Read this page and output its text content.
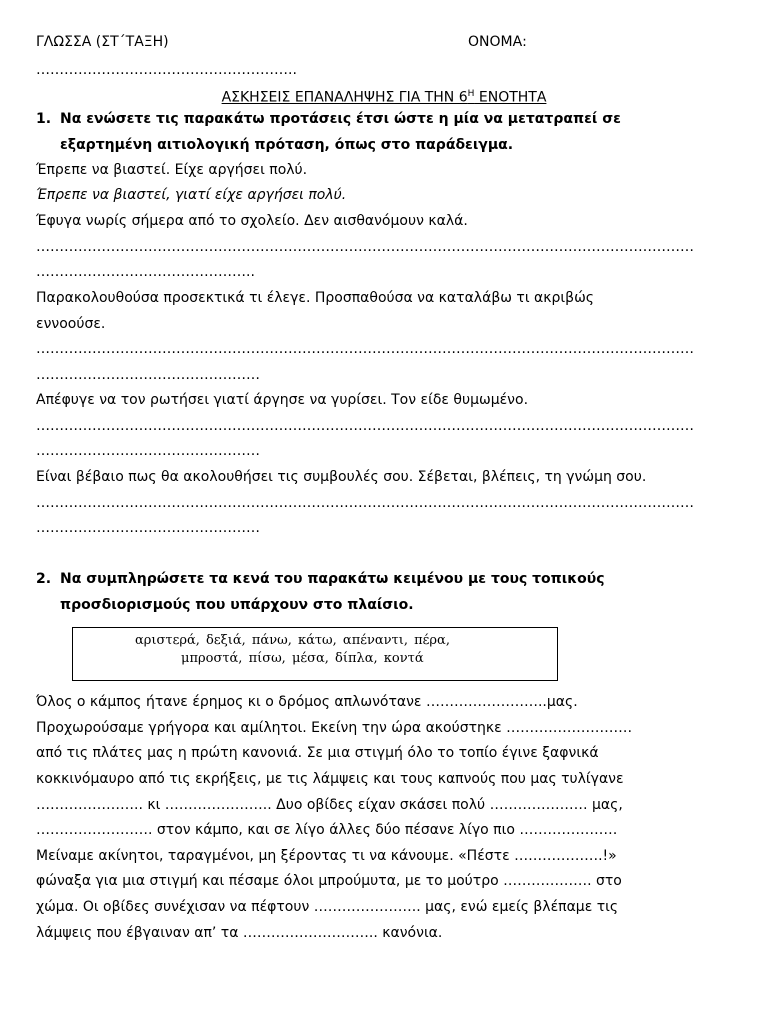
ΓΛΩΣΣΑ (ΣΤ΄ΤΑΞΗ)	ΟΝΟΜΑ:
………………………………………………..
ΑΣΚΗΣΕΙΣ ΕΠΑΝΑΛΗΨΗΣ ΓΙΑ ΤΗΝ $6^H$ ΕΝΟΤΗΤΑ
1. Να ενώσετε τις παρακάτω προτάσεις έτσι ώστε η μία να μετατραπεί σε
εξαρτημένη αιτιολογική πρόταση, όπως στο παράδειγμα.
Έπρεπε να βιαστεί. Είχε αργήσει πολύ.
Έπρεπε να βιαστεί, γιατί είχε αργήσει πολύ.
Έφυγα νωρίς σήμερα από το σχολείο. Δεν αισθανόμουν καλά.
……………………………………………………………………………………………………………………………
………………………………………..
Παρακολουθούσα προσεκτικά τι έλεγε. Προσπαθούσα να καταλάβω τι ακριβώς
εννοούσε.
……………………………………………………………………………………………………………………………
…………………………………………
Απέφυγε να τον ρωτήσει γιατί άργησε να γυρίσει. Τον είδε θυμωμένο.
……………………………………………………………………………………………………………………………
…………………………………………
Είναι βέβαιο πως θα ακολουθήσει τις συμβουλές σου. Σέβεται, βλέπεις, τη γνώμη σου.
……………………………………………………………………………………………………………………………
…………………………………………
2. Να συμπληρώσετε τα κενά του παρακάτω κειμένου με τους τοπικούς
προσδιορισμούς που υπάρχουν στο πλαίσιο.
αριστερά, δεξιά, πάνω, κάτω, απέναντι, πέρα,
μπροστά, πίσω, μέσα, δίπλα, κοντά
Όλος ο κάμπος ήτανε έρημος κι ο δρόμος απλωνότανε ……………………..μας.
Προχωρούσαμε γρήγορα και αμίλητοι. Εκείνη την ώρα ακούστηκε ………………………
από τις πλάτες μας η πρώτη κανονιά. Σε μια στιγμή όλο το τοπίο έγινε ξαφνικά
κοκκινόμαυρο από τις εκρήξεις, με τις λάμψεις και τους καπνούς που μας τυλίγανε
………………….. κι ………………….. Δυο οβίδες είχαν σκάσει πολύ ………………… μας,
……………………. στον κάμπο, και σε λίγο άλλες δύο πέσανε λίγο πιο …………………
Μείναμε ακίνητοι, ταραγμένοι, μη ξέροντας τι να κάνουμε. «Πέστε ……………….!»
φώναξα για μια στιγμή και πέσαμε όλοι μπρούμυτα, με το μούτρο ………………. στο
χώμα. Οι οβίδες συνέχισαν να πέφτουν ………………….. μας, ενώ εμείς βλέπαμε τις
λάμψεις που έβγαιναν απ’ τα ……………………….. κανόνια.
